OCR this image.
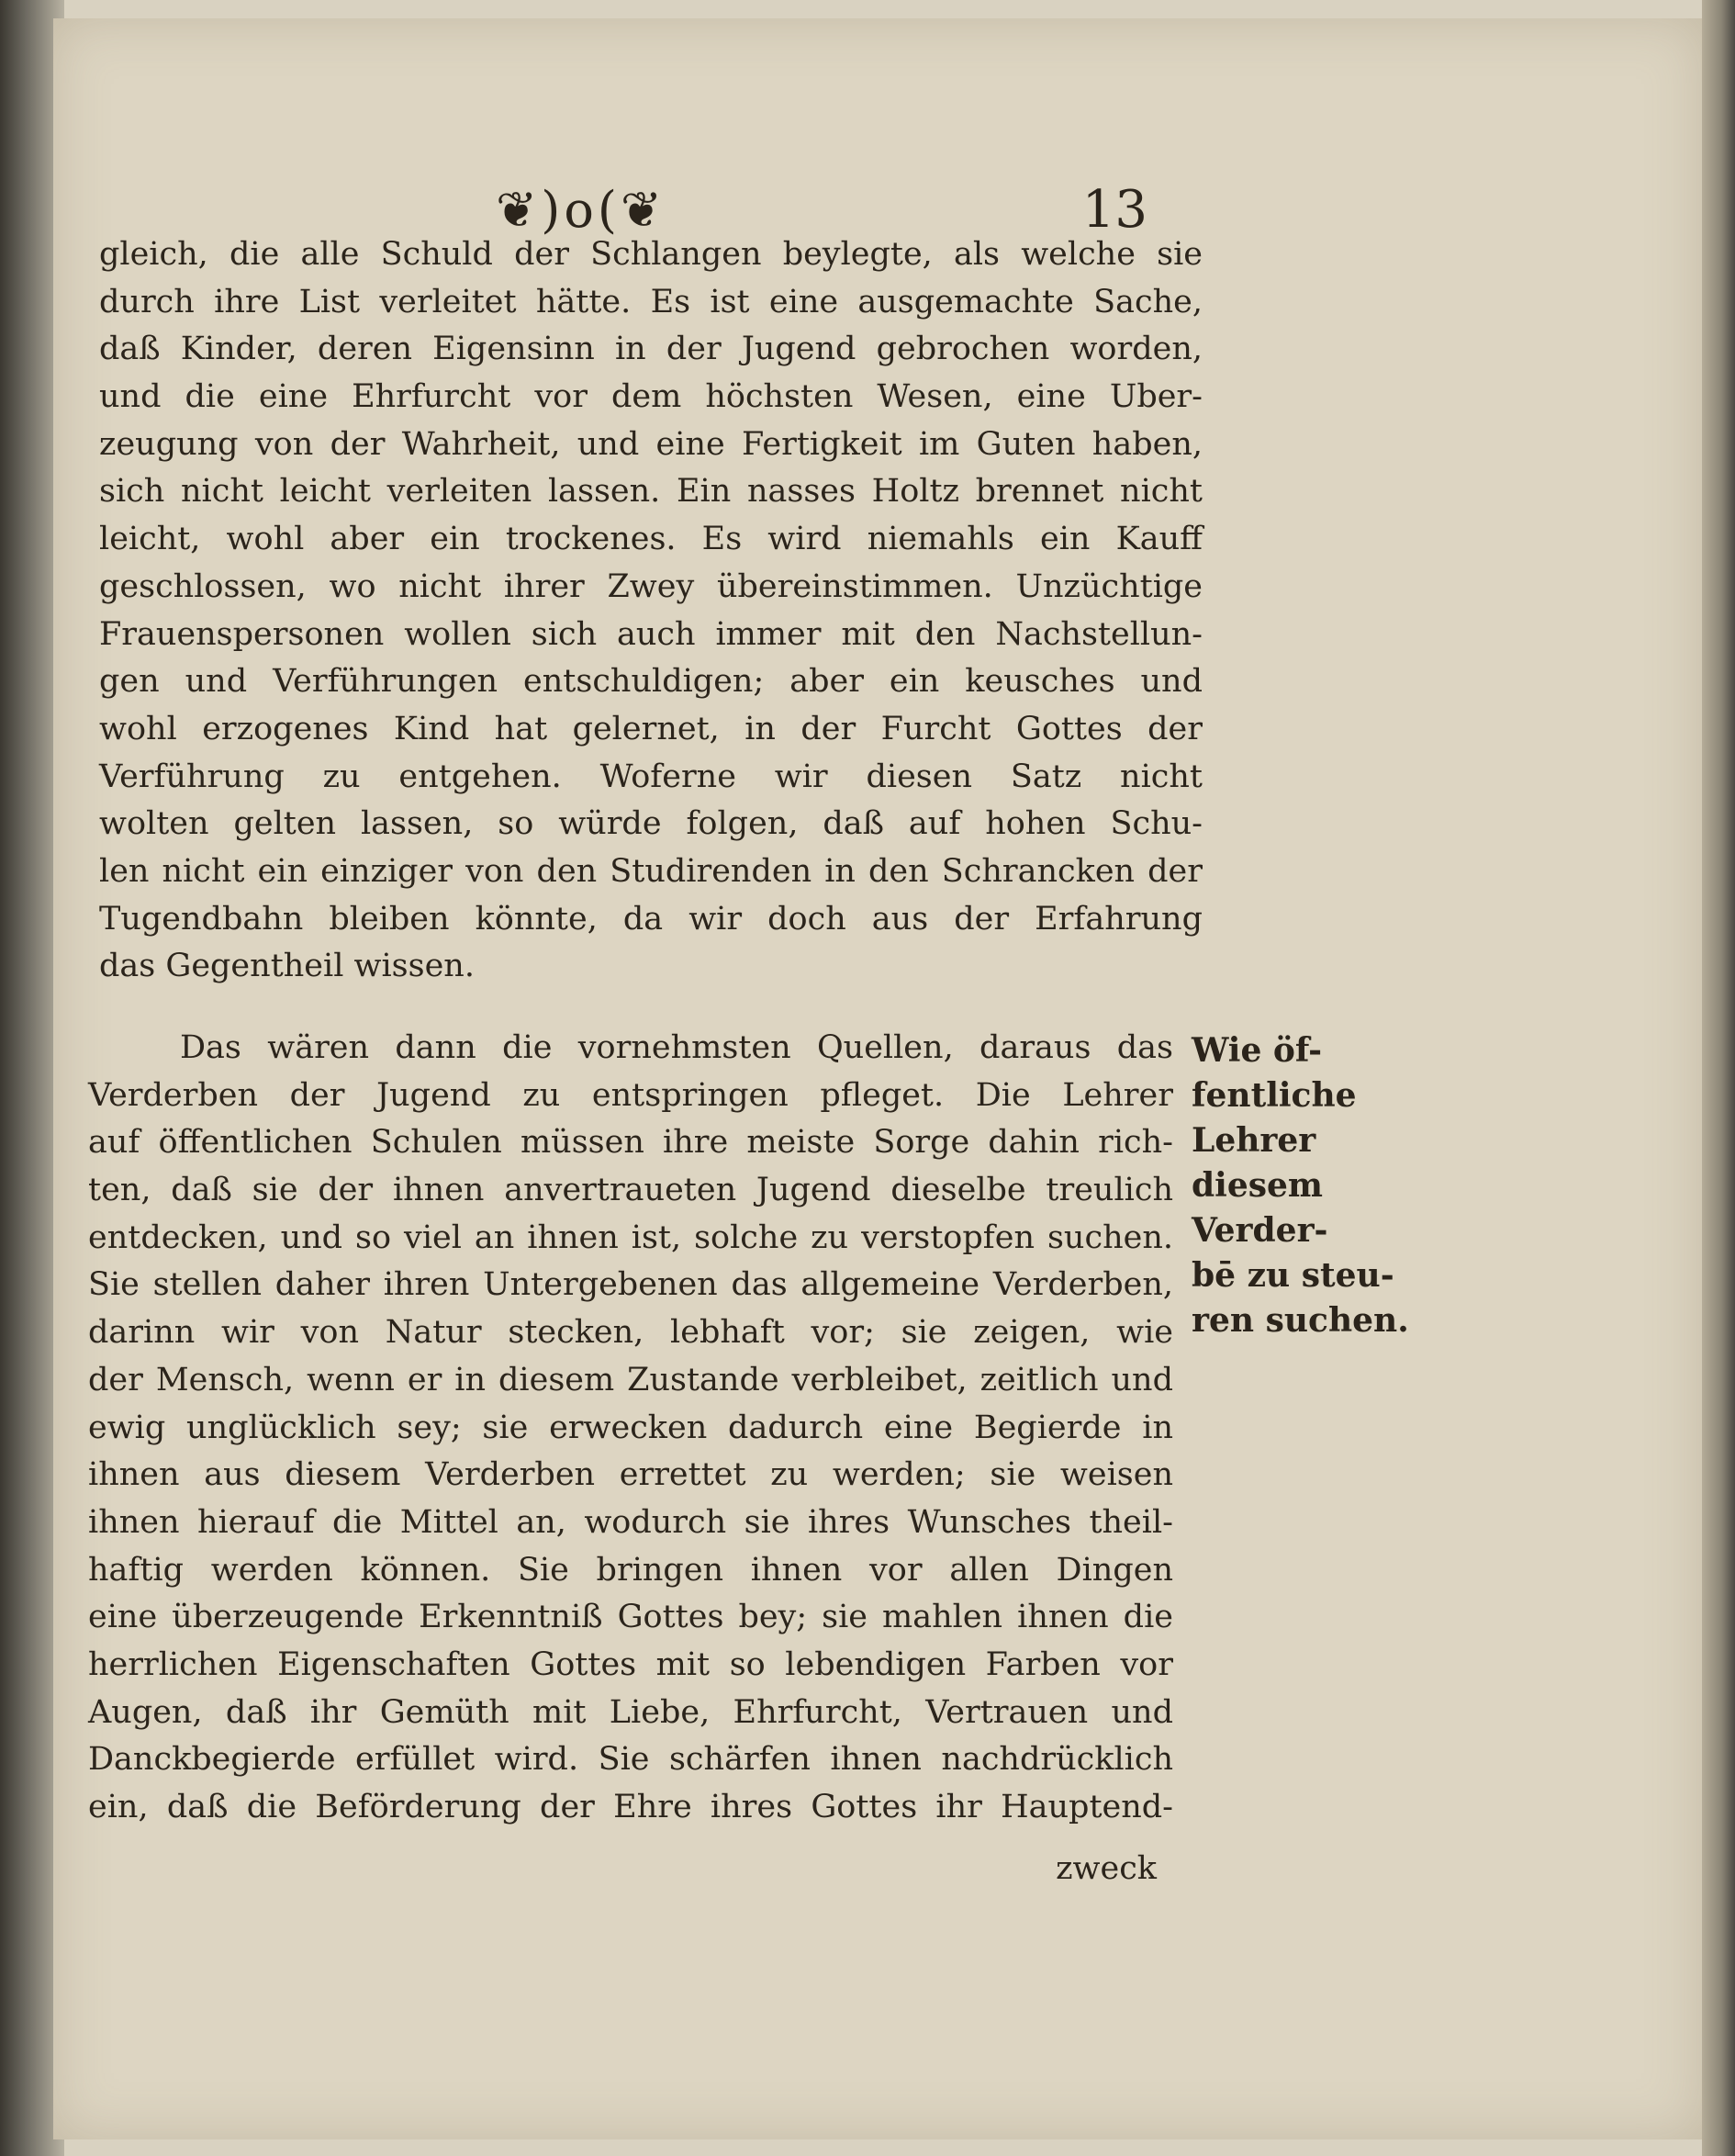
❦)o(❦	13
gleich, die alle Schuld der Schlangen beylegte, als welche sie
durch ihre List verleitet hätte. Es ist eine ausgemachte Sache,
daß Kinder, deren Eigensinn in der Jugend gebrochen worden,
und die eine Ehrfurcht vor dem höchsten Wesen, eine Uber-
zeugung von der Wahrheit, und eine Fertigkeit im Guten haben,
sich nicht leicht verleiten lassen. Ein nasses Holtz brennet nicht
leicht, wohl aber ein trockenes. Es wird niemahls ein Kauff
geschlossen, wo nicht ihrer Zwey übereinstimmen. Unzüchtige
Frauenspersonen wollen sich auch immer mit den Nachstellun-
gen und Verführungen entschuldigen; aber ein keusches und
wohl erzogenes Kind hat gelernet, in der Furcht Gottes der
Verführung zu entgehen. Woferne wir diesen Satz nicht
wolten gelten lassen, so würde folgen, daß auf hohen Schu-
len nicht ein einziger von den Studirenden in den Schrancken der
Tugendbahn bleiben könnte, da wir doch aus der Erfahrung
das Gegentheil wissen.
Das wären dann die vornehmsten Quellen, daraus das
Verderben der Jugend zu entspringen pfleget. Die Lehrer
auf öffentlichen Schulen müssen ihre meiste Sorge dahin rich-
ten, daß sie der ihnen anvertraueten Jugend dieselbe treulich
entdecken, und so viel an ihnen ist, solche zu verstopfen suchen.
Sie stellen daher ihren Untergebenen das allgemeine Verderben,
darinn wir von Natur stecken, lebhaft vor; sie zeigen, wie
der Mensch, wenn er in diesem Zustande verbleibet, zeitlich und
ewig unglücklich sey; sie erwecken dadurch eine Begierde in
ihnen aus diesem Verderben errettet zu werden; sie weisen
ihnen hierauf die Mittel an, wodurch sie ihres Wunsches theil-
haftig werden können. Sie bringen ihnen vor allen Dingen
eine überzeugende Erkenntniß Gottes bey; sie mahlen ihnen die
herrlichen Eigenschaften Gottes mit so lebendigen Farben vor
Augen, daß ihr Gemüth mit Liebe, Ehrfurcht, Vertrauen und
Danckbegierde erfüllet wird. Sie schärfen ihnen nachdrücklich
ein, daß die Beförderung der Ehre ihres Gottes ihr Hauptend-
Wie öf-
fentliche
Lehrer
diesem
Verder-
bē zu steu-
ren suchen.
zweck
